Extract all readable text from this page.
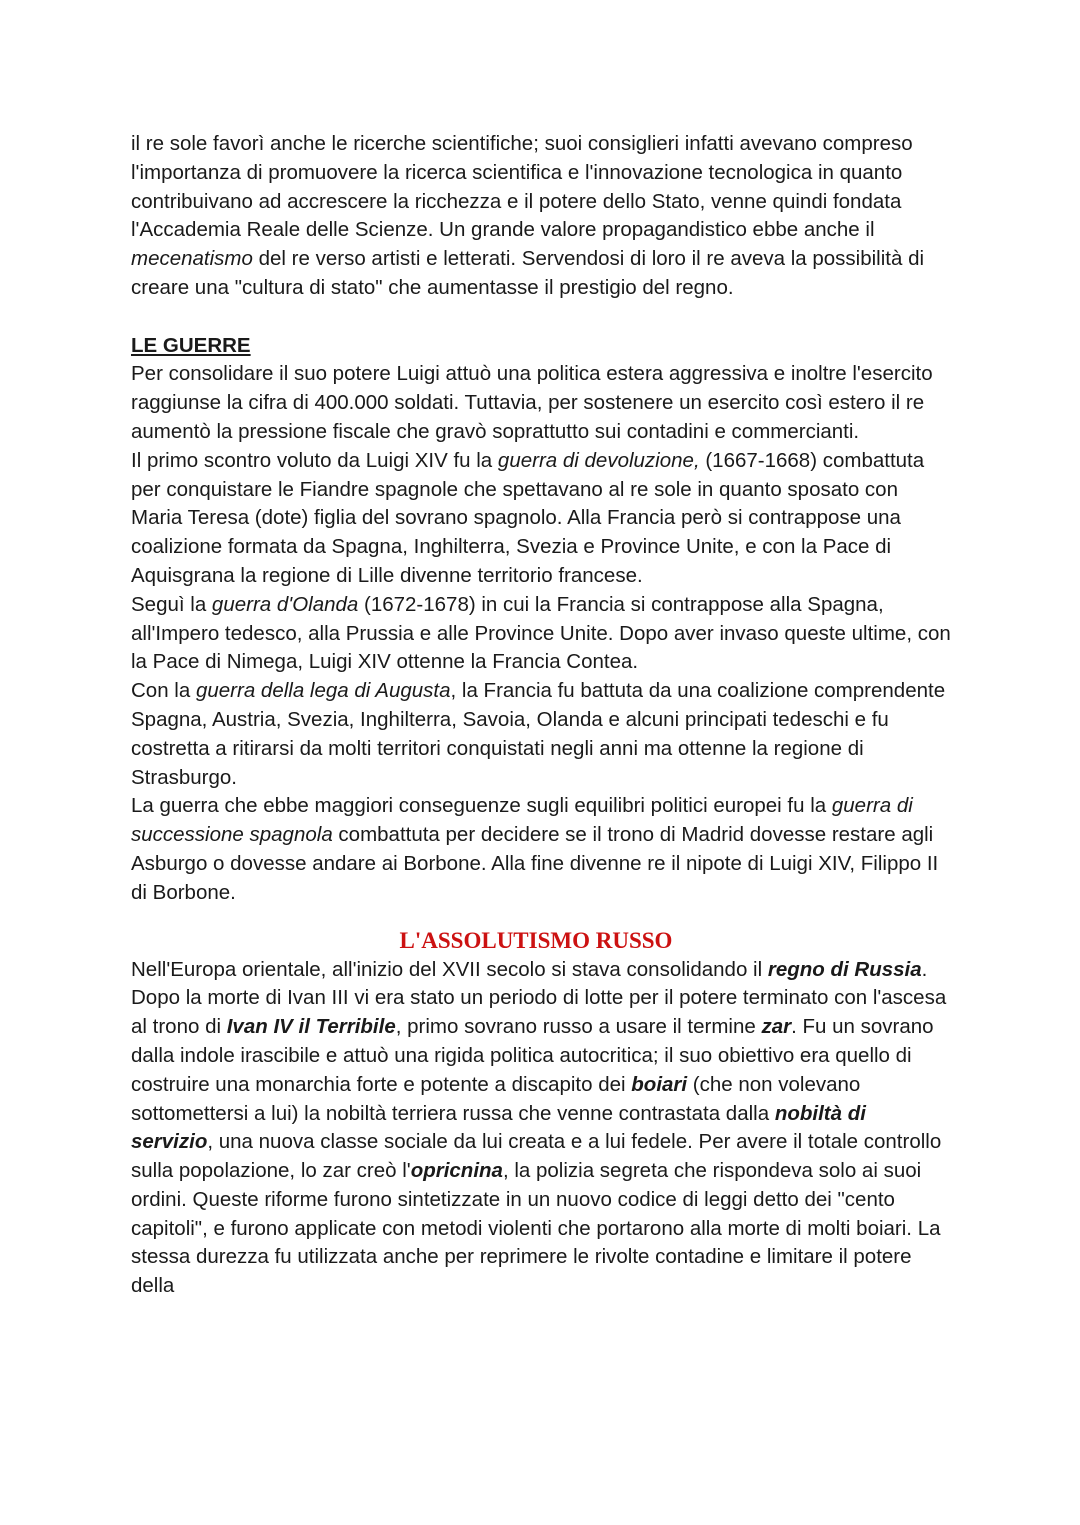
il re sole favorì anche le ricerche scientifiche; suoi consiglieri infatti avevano compreso l'importanza di promuovere la ricerca scientifica e l'innovazione tecnologica in quanto contribuivano ad accrescere la ricchezza e il potere dello Stato, venne quindi fondata l'Accademia Reale delle Scienze. Un grande valore propagandistico ebbe anche il mecenatismo del re verso artisti e letterati. Servendosi di loro il re aveva la possibilità di creare una "cultura di stato" che aumentasse il prestigio del regno.

LE GUERRE

Per consolidare il suo potere Luigi attuò una politica estera aggressiva e inoltre l'esercito raggiunse la cifra di 400.000 soldati. Tuttavia, per sostenere un esercito così estero il re aumentò la pressione fiscale che gravò soprattutto sui contadini e commercianti.

Il primo scontro voluto da Luigi XIV fu la guerra di devoluzione, (1667-1668) combattuta per conquistare le Fiandre spagnole che spettavano al re sole in quanto sposato con Maria Teresa (dote) figlia del sovrano spagnolo. Alla Francia però si contrappose una coalizione formata da Spagna, Inghilterra, Svezia e Province Unite, e con la Pace di Aquisgrana la regione di Lille divenne territorio francese.

Seguì la guerra d'Olanda (1672-1678) in cui la Francia si contrappose alla Spagna, all'Impero tedesco, alla Prussia e alle Province Unite. Dopo aver invaso queste ultime, con la Pace di Nimega, Luigi XIV ottenne la Francia Contea.

Con la guerra della lega di Augusta, la Francia fu battuta da una coalizione comprendente Spagna, Austria, Svezia, Inghilterra, Savoia, Olanda e alcuni principati tedeschi e fu costretta a ritirarsi da molti territori conquistati negli anni ma ottenne la regione di Strasburgo.

La guerra che ebbe maggiori conseguenze sugli equilibri politici europei fu la guerra di successione spagnola combattuta per decidere se il trono di Madrid dovesse restare agli Asburgo o dovesse andare ai Borbone. Alla fine divenne re il nipote di Luigi XIV, Filippo II di Borbone.

L'ASSOLUTISMO RUSSO

Nell'Europa orientale, all'inizio del XVII secolo si stava consolidando il regno di Russia. Dopo la morte di Ivan III vi era stato un periodo di lotte per il potere terminato con l'ascesa al trono di Ivan IV il Terribile, primo sovrano russo a usare il termine zar. Fu un sovrano dalla indole irascibile e attuò una rigida politica autocritica; il suo obiettivo era quello di costruire una monarchia forte e potente a discapito dei boiari (che non volevano sottomettersi a lui) la nobiltà terriera russa che venne contrastata dalla nobiltà di servizio, una nuova classe sociale da lui creata e a lui fedele. Per avere il totale controllo sulla popolazione, lo zar creò l'opricnina, la polizia segreta che rispondeva solo ai suoi ordini. Queste riforme furono sintetizzate in un nuovo codice di leggi detto dei "cento capitoli", e furono applicate con metodi violenti che portarono alla morte di molti boiari. La stessa durezza fu utilizzata anche per reprimere le rivolte contadine e limitare il potere della
